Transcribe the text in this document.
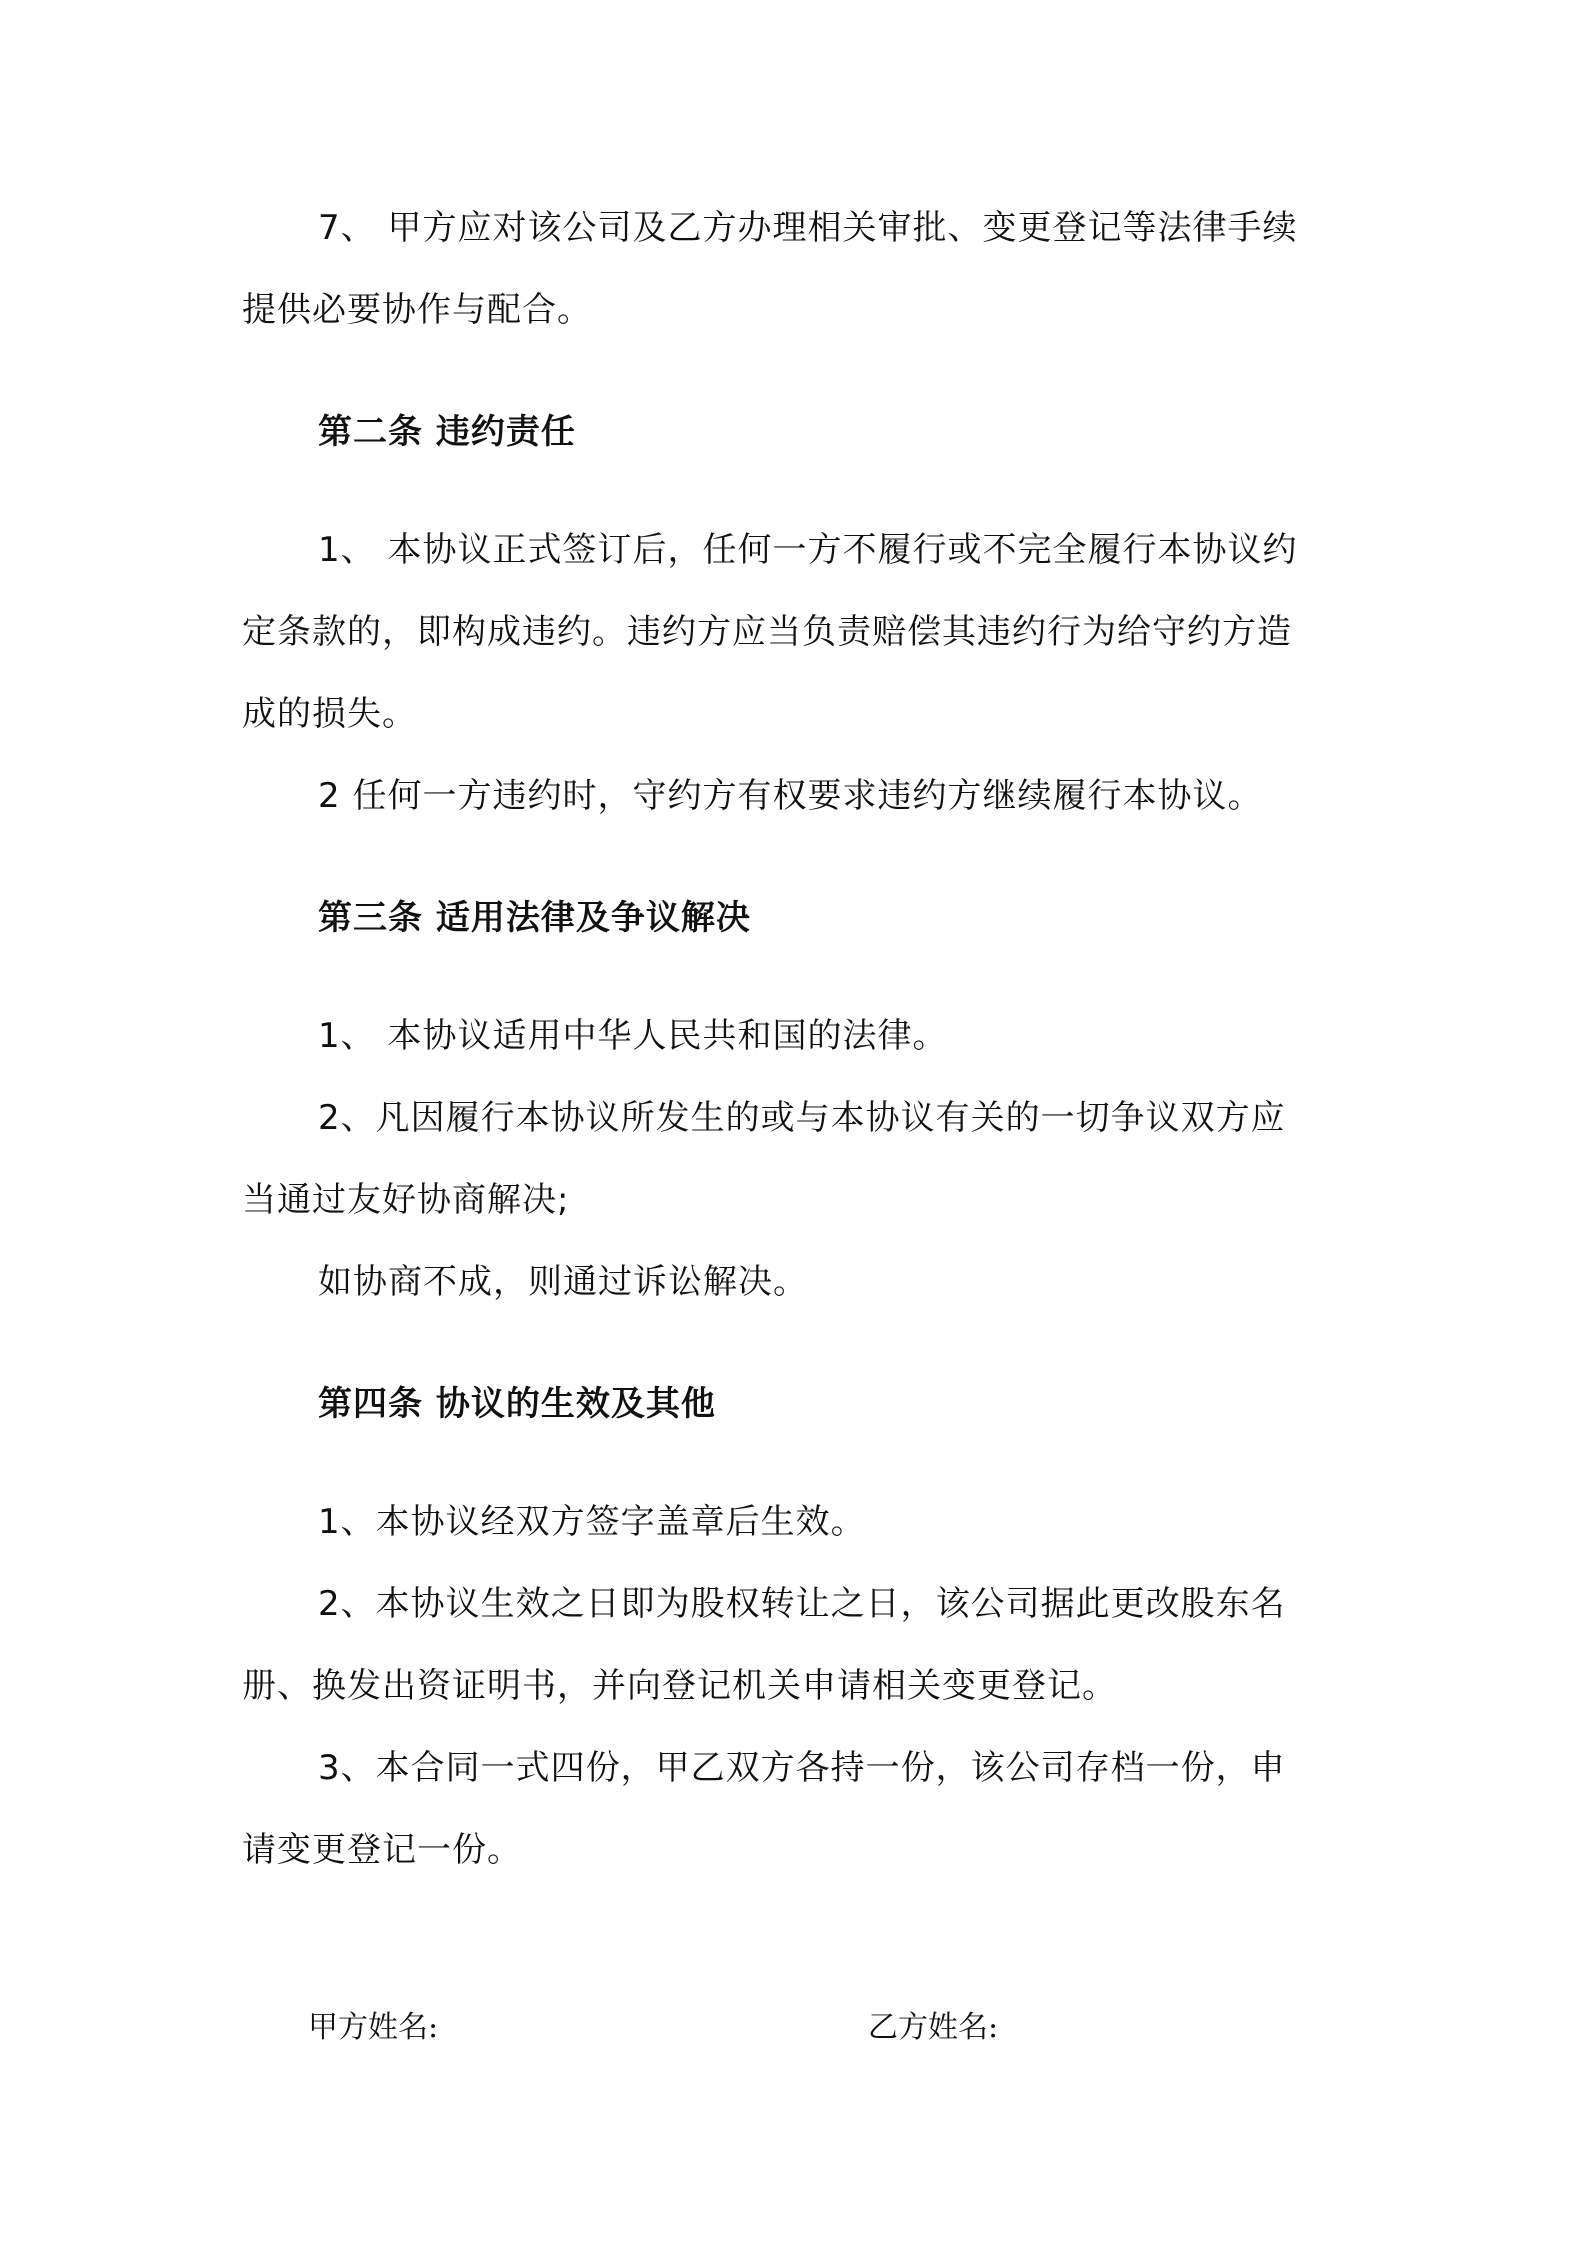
7、 甲方应对该公司及乙方办理相关审批、变更登记等法律手续
提供必要协作与配合。
第二条 违约责任
1、 本协议正式签订后，任何一方不履行或不完全履行本协议约
定条款的，即构成违约。违约方应当负责赔偿其违约行为给守约方造
成的损失。
2 任何一方违约时，守约方有权要求违约方继续履行本协议。
第三条 适用法律及争议解决
1、 本协议适用中华人民共和国的法律。
2、凡因履行本协议所发生的或与本协议有关的一切争议双方应
当通过友好协商解决;
如协商不成，则通过诉讼解决。
第四条 协议的生效及其他
1、本协议经双方签字盖章后生效。
2、本协议生效之日即为股权转让之日，该公司据此更改股东名
册、换发出资证明书，并向登记机关申请相关变更登记。
3、本合同一式四份，甲乙双方各持一份，该公司存档一份，申
请变更登记一份。
甲方姓名:	乙方姓名:
